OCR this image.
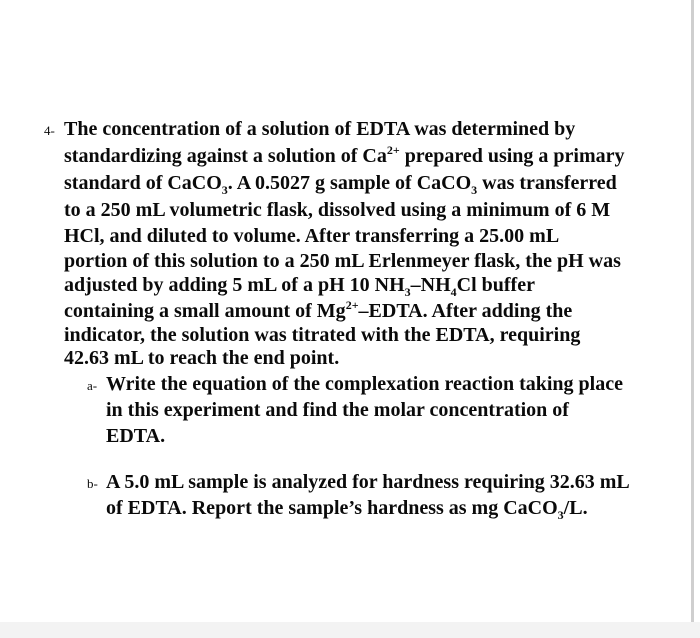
4- The concentration of a solution of EDTA was determined by
standardizing against a solution of $Ca^{2+}$ prepared using a primary
standard of CaCO$_3$. A 0.5027 g sample of CaCO$_3$ was transferred
to a 250 mL volumetric flask, dissolved using a minimum of 6 M
HCl, and diluted to volume. After transferring a 25.00 mL
portion of this solution to a 250 mL Erlenmeyer flask, the pH was
adjusted by adding 5 mL of a pH 10 $NH_3-NH_4Cl$ buffer
containing a small amount of $Mg^{2+}$–EDTA. After adding the
indicator, the solution was titrated with the EDTA, requiring
42.63 mL to reach the end point.
a- Write the equation of the complexation reaction taking place
in this experiment and find the molar concentration of
EDTA.
b- A 5.0 mL sample is analyzed for hardness requiring 32.63 mL
of EDTA. Report the sample’s hardness as mg CaCO$_3$/L.
